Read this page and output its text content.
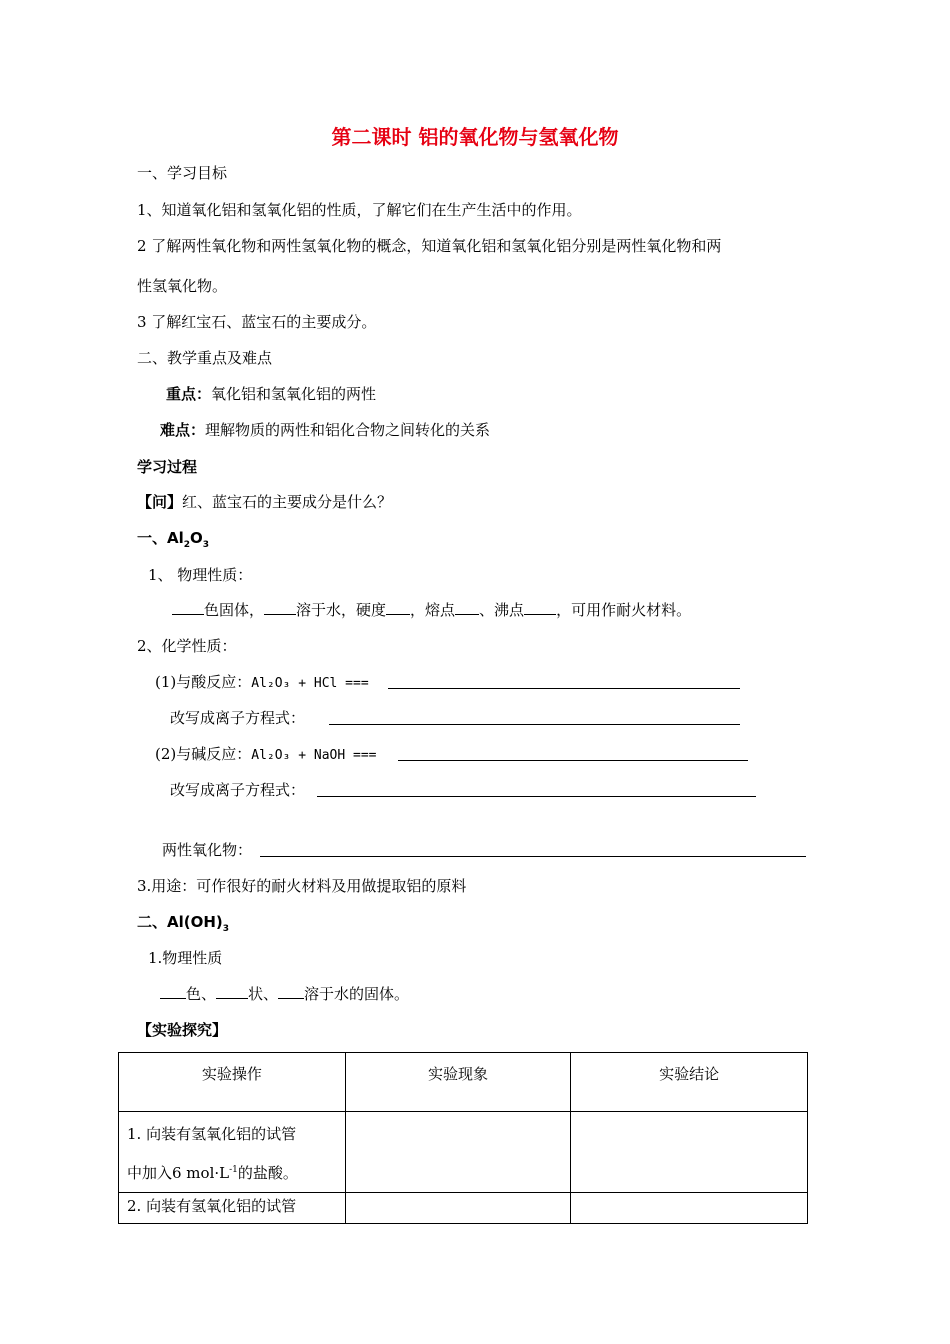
第二课时 铝的氧化物与氢氧化物
一、学习目标
1、知道氧化铝和氢氧化铝的性质，了解它们在生产生活中的作用。
2 了解两性氧化物和两性氢氧化物的概念，知道氧化铝和氢氧化铝分别是两性氧化物和两
性氢氧化物。
3 了解红宝石、蓝宝石的主要成分。
二、教学重点及难点
重点：氧化铝和氢氧化铝的两性
难点：理解物质的两性和铝化合物之间转化的关系
学习过程
【问】红、蓝宝石的主要成分是什么？
一、$Al_2O_3$
1、 物理性质：
色固体， 溶于水，硬度 ，熔点 、沸点 ，可用作耐火材料。
2、化学性质：
(1)与酸反应：Al₂O₃ + HCl ===
改写成离子方程式：
(2)与碱反应：Al₂O₃ + NaOH ===
改写成离子方程式：
两性氧化物：
3.用途：可作很好的耐火材料及用做提取铝的原料
二、$Al(OH)_3$
1.物理性质
色、 状、 溶于水的固体。
【实验探究】
实验操作	实验现象	实验结论

1. 向装有氢氧化铝的试管
中加入6 $mol\cdot L^{-1}$的盐酸。		

2. 向装有氢氧化铝的试管		
